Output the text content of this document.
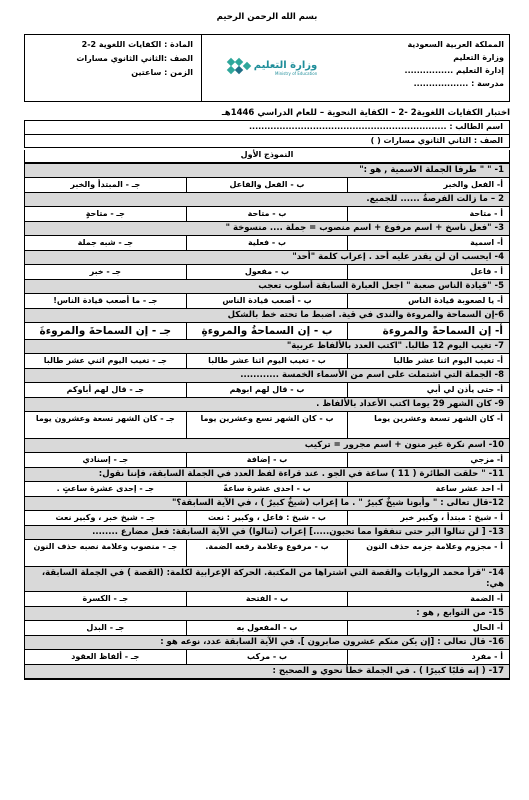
بسم الله الرحمن الرحيم
المملكة العربية السعودية
وزارة التعليم
إدارة التعليم ................
مدرسة : ..................
وزارة التعليم
Ministry of Education
المادة : الكفايات اللغوية 2-2
الصف :الثاني الثانوي مسارات
الزمن : ساعتين
اختبار الكفايات اللغوية2 -2 – الكفاية النحوية – للعام الدراسي 1446هـ
اسم الطالب : .................................................................
الصف : الثاني الثانوي مسارات ( )
النموذج الأول
1- " " طرفا الجملة الاسمية , هو :"
أ- الفعل والخبر
ب - الفعل والفاعل
جـ - المبتدأ والخبر
2 – ما زالت الفرصةُ ...... للجميع.
أ - متاحة
ب - متاحة
جـ - متاحةٍ
3- "فعل ناسخ + اسم مرفوع + اسم منصوب = جملة .... منسوخة "
أ- اسمية
ب - فعلية
جـ - شبه جملة
4- ايحسب ان لن يقدر عليه أحد . إعراب كلمة "أحد"
أ - فاعل
ب - مفعول
جـ - خبر
5- "قيادة الناس صعبة " اجعل العبارة السابقة أسلوب تعجب
أ- يا لصعوبة قيادة الناس
ب - أصعب قيادة الناس
جـ - ما أصعب قيادة الناس!
6-إن السماحة والمروءة والندى في قية. اضبط ما تحته خط بالشكل
أ- إن السماحةً والمروءة
ب - إن السماحةُ والمروءةِ
جـ - إن السماحةَ والمروءةَ
7- تغيب اليوم 12 طالبا. "اكتب العدد بالألفاظ عربية"
أ- تغيب اليوم اثنا عشر طالبا
ب - تغيب اليوم اثنا عشر طالبا
جـ - تغيب اليوم اثني عشر طالبا
8- الجملة التي اشتملت على اسم من الأسماء الخمسة ............
أ- حتى يأذن لي أبي
ب - قال لهم ابوهم
جـ - قال لهم أباوكم
9- كان الشهر 29 يوما اكتب الأعداد بالألفاظ .
أ- كان الشهر تسعة وعشرين يوما
ب - كان الشهر تسع وعشرين يوما
جـ - كان الشهر تسعة وعشرون يوما
10- اسم نكرة غير منون + اسم مجرور = تركيب
أ- مزجي
ب - إضافة
جـ - إسنادي
11- " حلقت الطائرة ( 11 ) ساعة في الجو . عند قراءة لفظ العدد في الجملة السابقة، فإننا نقول:
أ- احد عشر ساعة
ب - احدى عشرة ساعةً
جـ - إحدى عشرة ساعتٍ .
12-قال تعالى : " وأبونا شيخٌ كبيرٌ " . ما إعراب (شيخٌ كبيرٌ ) ، في الآية السابقة؟"
أ - شيخ : مبتدأ ، وكبير خبر
ب - شيخ : فاعل ، وكبير : نعت
جـ - شيخ خبر ، وكبير نعت
13- [ لن تنالوا البر حتى تنفقوا مما تحبون.....] إعراب (تنالوا) في الآية السابقة: فعل مضارع ........
أ - مجزوم وعلامة جزمه حذف النون
ب - مرفوع وعلامة رفعه الضمة.
جـ - منصوب وعلامة نصبه حذف النون
14- "قرأ محمد الروايات والقصة التي اشتراها من المكتبة. الحركة الإعرابية لكلمة: (القصة ) في الجملة السابقة، هي:
أ- الضمة
ب - الفتحة
جـ - الكسرة
15- من التوابع , هو :
أ- الحال
ب - المفعول به
جـ - البدل
16- قال تعالى : [إن يكن منكم عشرون صابرون ]. في الآية السابقة عدد، نوعه هو :
أ - مفرد
ب - مركب
جـ - ألفاظ العقود
17- ( إنه قلبًا كبيرًا ) . في الجملة خطأ نحوي و الصحيح :
